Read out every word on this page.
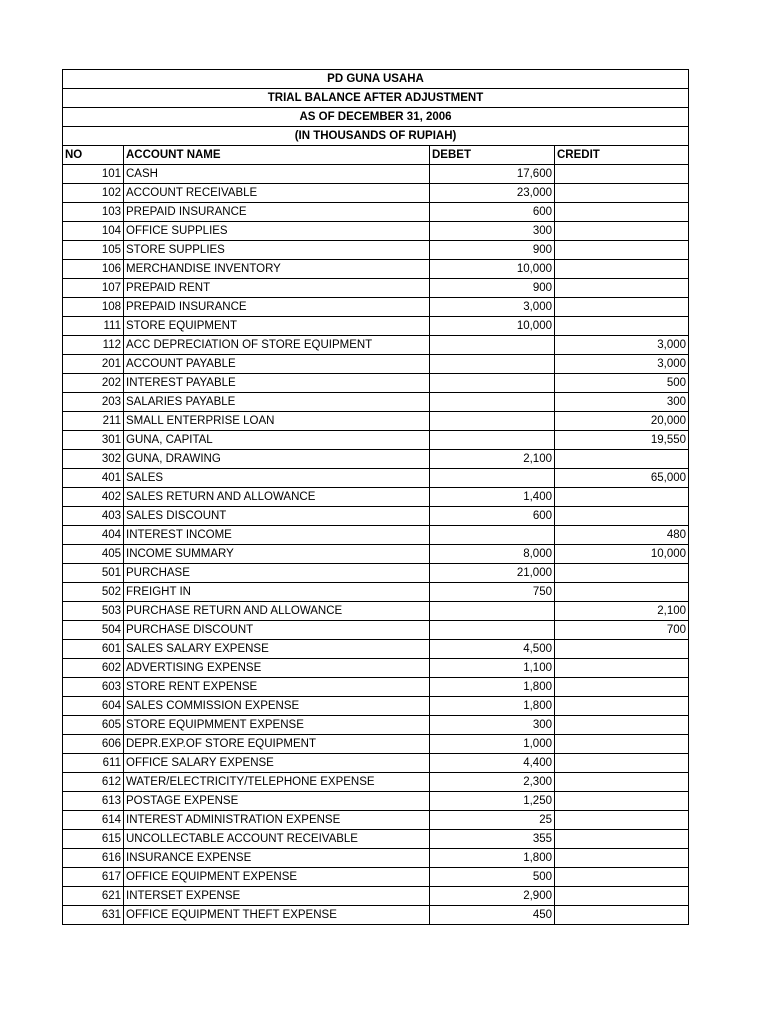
PD GUNA USAHA			
TRIAL BALANCE AFTER ADJUSTMENT			
AS OF DECEMBER 31, 2006			
(IN THOUSANDS OF RUPIAH)			
NO	ACCOUNT NAME	DEBET	CREDIT
101	CASH	17,600	
102	ACCOUNT RECEIVABLE	23,000	
103	PREPAID INSURANCE	600	
104	OFFICE SUPPLIES	300	
105	STORE SUPPLIES	900	
106	MERCHANDISE INVENTORY	10,000	
107	PREPAID RENT	900	
108	PREPAID INSURANCE	3,000	
111	STORE EQUIPMENT	10,000	
112	ACC DEPRECIATION OF STORE EQUIPMENT		3,000
201	ACCOUNT PAYABLE		3,000
202	INTEREST PAYABLE		500
203	SALARIES PAYABLE		300
211	SMALL ENTERPRISE LOAN		20,000
301	GUNA, CAPITAL		19,550
302	GUNA, DRAWING	2,100	
401	SALES		65,000
402	SALES RETURN AND ALLOWANCE	1,400	
403	SALES DISCOUNT	600	
404	INTEREST INCOME		480
405	INCOME SUMMARY	8,000	10,000
501	PURCHASE	21,000	
502	FREIGHT IN	750	
503	PURCHASE RETURN AND ALLOWANCE		2,100
504	PURCHASE DISCOUNT		700
601	SALES SALARY EXPENSE	4,500	
602	ADVERTISING EXPENSE	1,100	
603	STORE RENT EXPENSE	1,800	
604	SALES COMMISSION EXPENSE	1,800	
605	STORE EQUIPMMENT EXPENSE	300	
606	DEPR.EXP.OF STORE EQUIPMENT	1,000	
611	OFFICE SALARY EXPENSE	4,400	
612	WATER/ELECTRICITY/TELEPHONE EXPENSE	2,300	
613	POSTAGE EXPENSE	1,250	
614	INTEREST ADMINISTRATION EXPENSE	25	
615	UNCOLLECTABLE ACCOUNT RECEIVABLE	355	
616	INSURANCE EXPENSE	1,800	
617	OFFICE EQUIPMENT EXPENSE	500	
621	INTERSET EXPENSE	2,900	
631	OFFICE EQUIPMENT THEFT EXPENSE	450	
